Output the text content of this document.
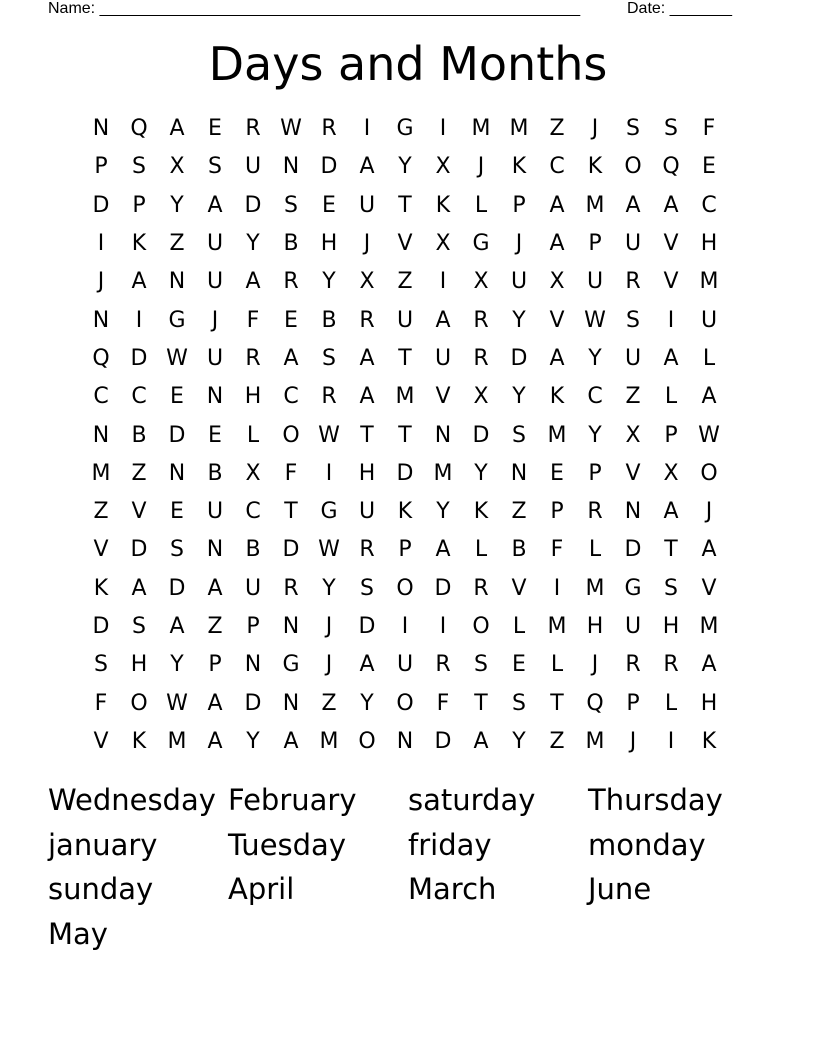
Name: ______________________________________________________	Date: _______
Days and Months
N Q A	E	R W R	I	G	I	M M Z	J	S	S	F
P	S	X	S	U N D	A	Y	X	J	K	C	K	O Q	E
D	P	Y	A D	S	E	U	T	K	L	P	A M A	A	C
I	K	Z	U	Y	B	H	J	V	X G	J	A	P	U	V	H
J	A	N U	A	R	Y	X	Z	I	X	U	X	U	R	V M
N	I	G	J	F	E	B	R	U	A	R	Y	V W S	I	U
Q D W U	R	A	S	A	T	U	R D	A	Y	U	A	L
C	C	E	N H	C	R	A M V	X	Y	K	C	Z	L	A
N	B D	E	L	O W T	T	N D	S M Y	X	P W
M Z	N	B	X	F	I	H D M Y	N	E	P	V	X O
Z	V	E	U	C	T	G U	K	Y	K	Z	P	R	N	A	J
V D	S	N	B D W R	P	A	L	B	F	L	D	T	A
K	A D	A	U	R	Y	S	O D R	V	I	M G	S	V
D	S	A	Z	P	N	J	D	I	I	O	L	M H U H M
S	H	Y	P	N G	J	A	U	R	S	E	L	J	R	R	A
F	O W A D N	Z	Y	O	F	T	S	T	Q	P	L	H
V	K M A	Y	A M O N D	A	Y	Z M	J	I	K
Wednesday February	saturday	Thursday
january	Tuesday	friday	monday
sunday	April	March	June
May
